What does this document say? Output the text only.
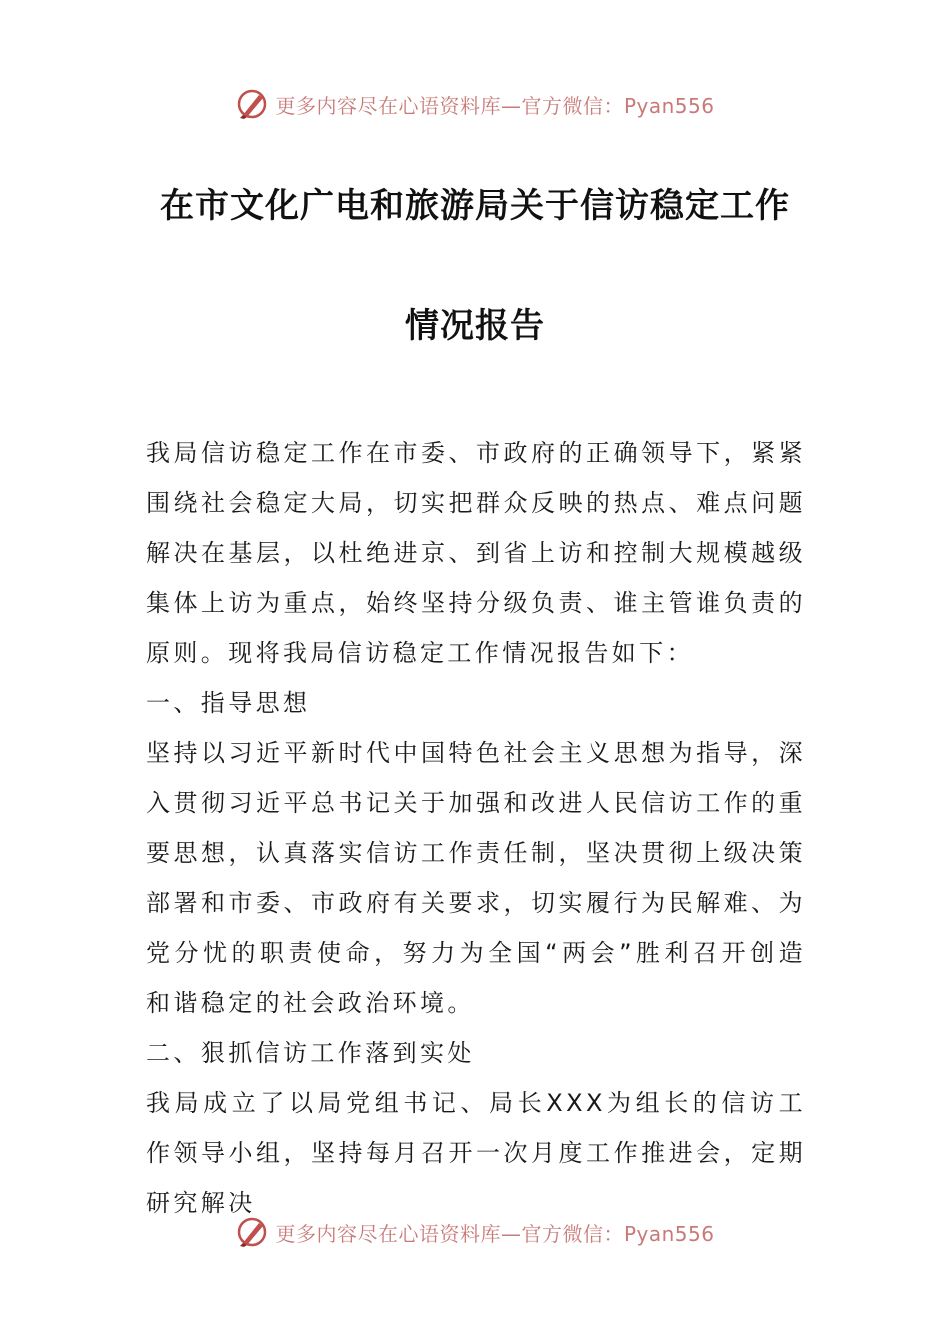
更多内容尽在心语资料库—官方微信：Pyan556
在市文化广电和旅游局关于信访稳定工作
情况报告

我局信访稳定工作在市委、市政府的正确领导下，紧紧围绕社会稳定大局，切实把群众反映的热点、难点问题解决在基层，以杜绝进京、到省上访和控制大规模越级集体上访为重点，始终坚持分级负责、谁主管谁负责的原则。现将我局信访稳定工作情况报告如下：

一、指导思想

坚持以习近平新时代中国特色社会主义思想为指导，深入贯彻习近平总书记关于加强和改进人民信访工作的重要思想，认真落实信访工作责任制，坚决贯彻上级决策部署和市委、市政府有关要求，切实履行为民解难、为党分忧的职责使命，努力为全国“两会”胜利召开创造和谐稳定的社会政治环境。

二、狠抓信访工作落到实处

我局成立了以局党组书记、局长XXX为组长的信访工作领导小组，坚持每月召开一次月度工作推进会，定期研究解决

更多内容尽在心语资料库—官方微信：Pyan556
